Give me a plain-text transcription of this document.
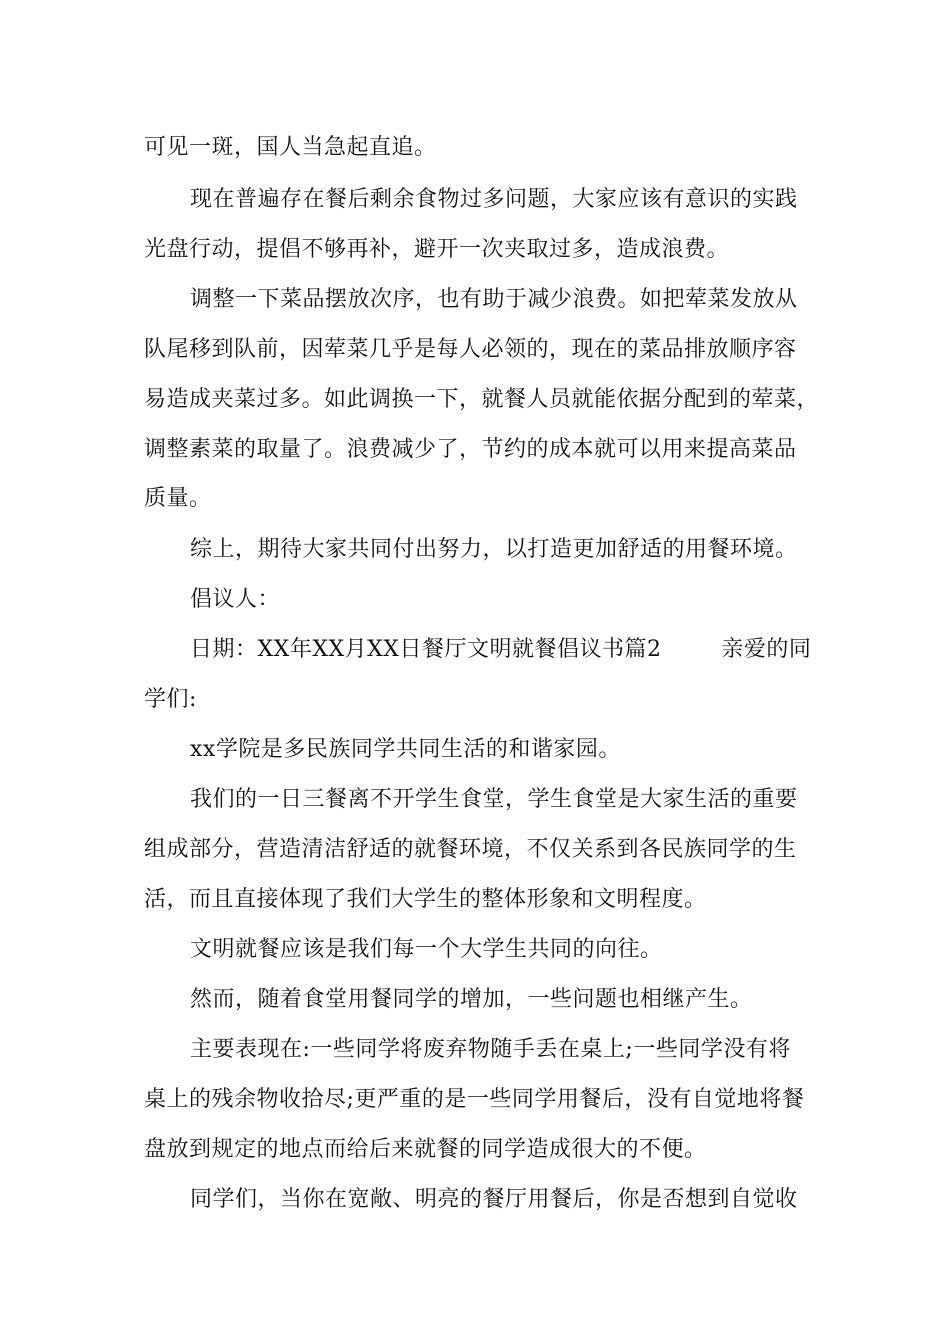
可见一斑，国人当急起直追。
现在普遍存在餐后剩余食物过多问题，大家应该有意识的实践
光盘行动，提倡不够再补，避开一次夹取过多，造成浪费。
调整一下菜品摆放次序，也有助于减少浪费。如把荤菜发放从
队尾移到队前，因荤菜几乎是每人必领的，现在的菜品排放顺序容
易造成夹菜过多。如此调换一下，就餐人员就能依据分配到的荤菜，
调整素菜的取量了。浪费减少了，节约的成本就可以用来提高菜品
质量。
综上，期待大家共同付出努力，以打造更加舒适的用餐环境。
倡议人：
日期：XX年XX月XX日餐厅文明就餐倡议书篇2        亲爱的同
学们:
xx学院是多民族同学共同生活的和谐家园。
我们的一日三餐离不开学生食堂，学生食堂是大家生活的重要
组成部分，营造清洁舒适的就餐环境，不仅关系到各民族同学的生
活，而且直接体现了我们大学生的整体形象和文明程度。
文明就餐应该是我们每一个大学生共同的向往。
然而，随着食堂用餐同学的增加，一些问题也相继产生。
主要表现在:一些同学将废弃物随手丢在桌上;一些同学没有将
桌上的残余物收拾尽;更严重的是一些同学用餐后，没有自觉地将餐
盘放到规定的地点而给后来就餐的同学造成很大的不便。
同学们，当你在宽敞、明亮的餐厅用餐后，你是否想到自觉收
